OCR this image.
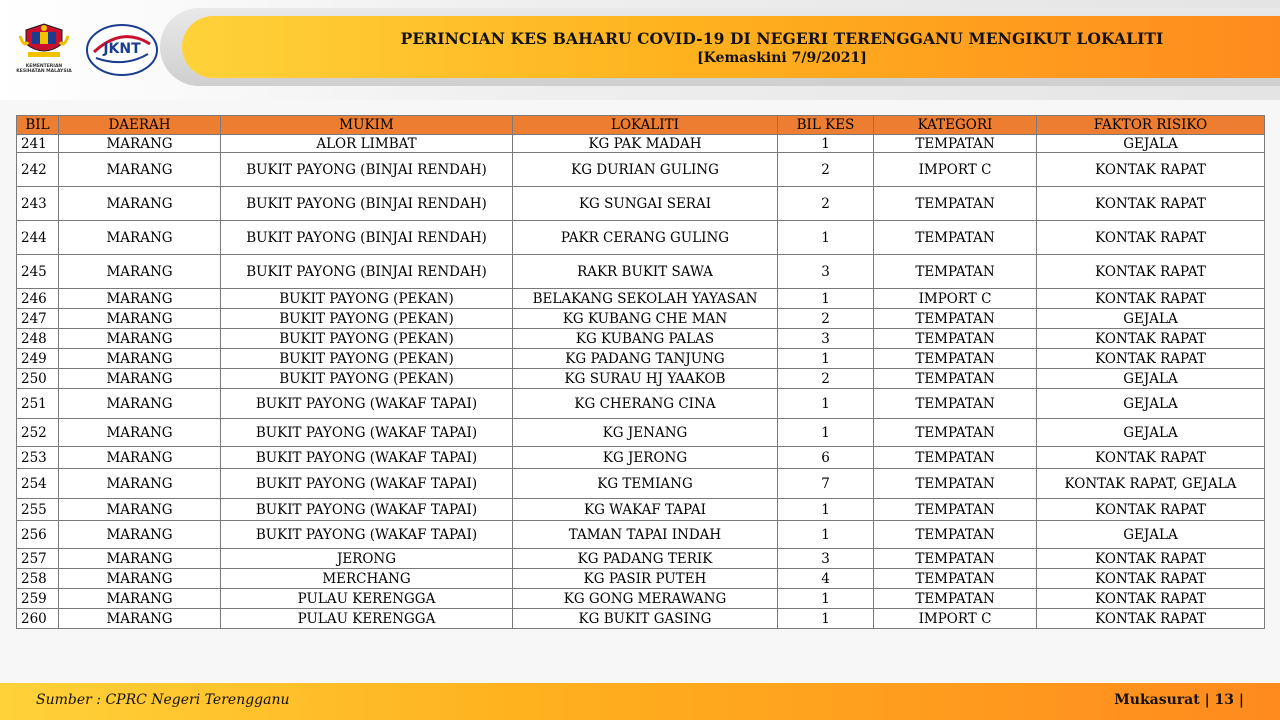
PERINCIAN KES BAHARU COVID-19 DI NEGERI TERENGGANU MENGIKUT LOKALITI
[Kemaskini 7/9/2021]
KEMENTERIAN KESIHATAN MALAYSIA
JKNT
BIL	DAERAH	MUKIM	LOKALITI	BIL KES	KATEGORI	FAKTOR RISIKO
241	MARANG	ALOR LIMBAT	KG PAK MADAH	1	TEMPATAN	GEJALA
242	MARANG	BUKIT PAYONG (BINJAI RENDAH)	KG DURIAN GULING	2	IMPORT C	KONTAK RAPAT
243	MARANG	BUKIT PAYONG (BINJAI RENDAH)	KG SUNGAI SERAI	2	TEMPATAN	KONTAK RAPAT
244	MARANG	BUKIT PAYONG (BINJAI RENDAH)	PAKR CERANG GULING	1	TEMPATAN	KONTAK RAPAT
245	MARANG	BUKIT PAYONG (BINJAI RENDAH)	RAKR BUKIT SAWA	3	TEMPATAN	KONTAK RAPAT
246	MARANG	BUKIT PAYONG (PEKAN)	BELAKANG SEKOLAH YAYASAN	1	IMPORT C	KONTAK RAPAT
247	MARANG	BUKIT PAYONG (PEKAN)	KG KUBANG CHE MAN	2	TEMPATAN	GEJALA
248	MARANG	BUKIT PAYONG (PEKAN)	KG KUBANG PALAS	3	TEMPATAN	KONTAK RAPAT
249	MARANG	BUKIT PAYONG (PEKAN)	KG PADANG TANJUNG	1	TEMPATAN	KONTAK RAPAT
250	MARANG	BUKIT PAYONG (PEKAN)	KG SURAU HJ YAAKOB	2	TEMPATAN	GEJALA
251	MARANG	BUKIT PAYONG (WAKAF TAPAI)	KG CHERANG CINA	1	TEMPATAN	GEJALA
252	MARANG	BUKIT PAYONG (WAKAF TAPAI)	KG JENANG	1	TEMPATAN	GEJALA
253	MARANG	BUKIT PAYONG (WAKAF TAPAI)	KG JERONG	6	TEMPATAN	KONTAK RAPAT
254	MARANG	BUKIT PAYONG (WAKAF TAPAI)	KG TEMIANG	7	TEMPATAN	KONTAK RAPAT, GEJALA
255	MARANG	BUKIT PAYONG (WAKAF TAPAI)	KG WAKAF TAPAI	1	TEMPATAN	KONTAK RAPAT
256	MARANG	BUKIT PAYONG (WAKAF TAPAI)	TAMAN TAPAI INDAH	1	TEMPATAN	GEJALA
257	MARANG	JERONG	KG PADANG TERIK	3	TEMPATAN	KONTAK RAPAT
258	MARANG	MERCHANG	KG PASIR PUTEH	4	TEMPATAN	KONTAK RAPAT
259	MARANG	PULAU KERENGGA	KG GONG MERAWANG	1	TEMPATAN	KONTAK RAPAT
260	MARANG	PULAU KERENGGA	KG BUKIT GASING	1	IMPORT C	KONTAK RAPAT
Sumber : CPRC Negeri Terengganu	Mukasurat | 13 |
